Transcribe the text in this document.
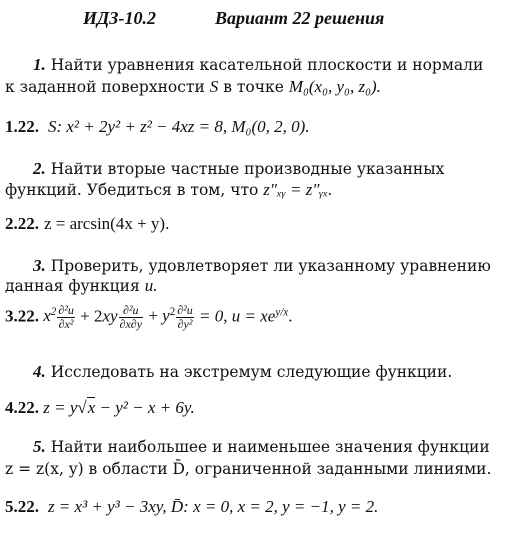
ИДЗ-10.2	Вариант 22 решения
1. Найти уравнения касательной плоскости и нормали
к заданной поверхности S в точке M₀(x₀, y₀, z₀).
1.22. S: x² + 2y² + z² − 4xz = 8, M₀(0, 2, 0).
2. Найти вторые частные производные указанных
функций. Убедиться в том, что z″ₓᵧ = z″ᵧₓ.
2.22. z = arcsin(4x + y).
3. Проверить, удовлетворяет ли указанному уравнению
данная функция u.
3.22. $x^2 \frac{\text{∂²u}}{\text{∂x²}} + 2xy \frac{\text{∂²u}}{\partial x\partial y} + y^2 \frac{\text{∂²u}}{\text{∂y²}} = 0$, $u = xe^{y/x}$.
4. Исследовать на экстремум следующие функции.
4.22. z = y√x − y² − x + 6y.
5. Найти наибольшее и наименьшее значения функции
z = z(x, y) в области D̄, ограниченной заданными линиями.
5.22. z = x³ + y³ − 3xy, D̄: x = 0, x = 2, y = −1, y = 2.
